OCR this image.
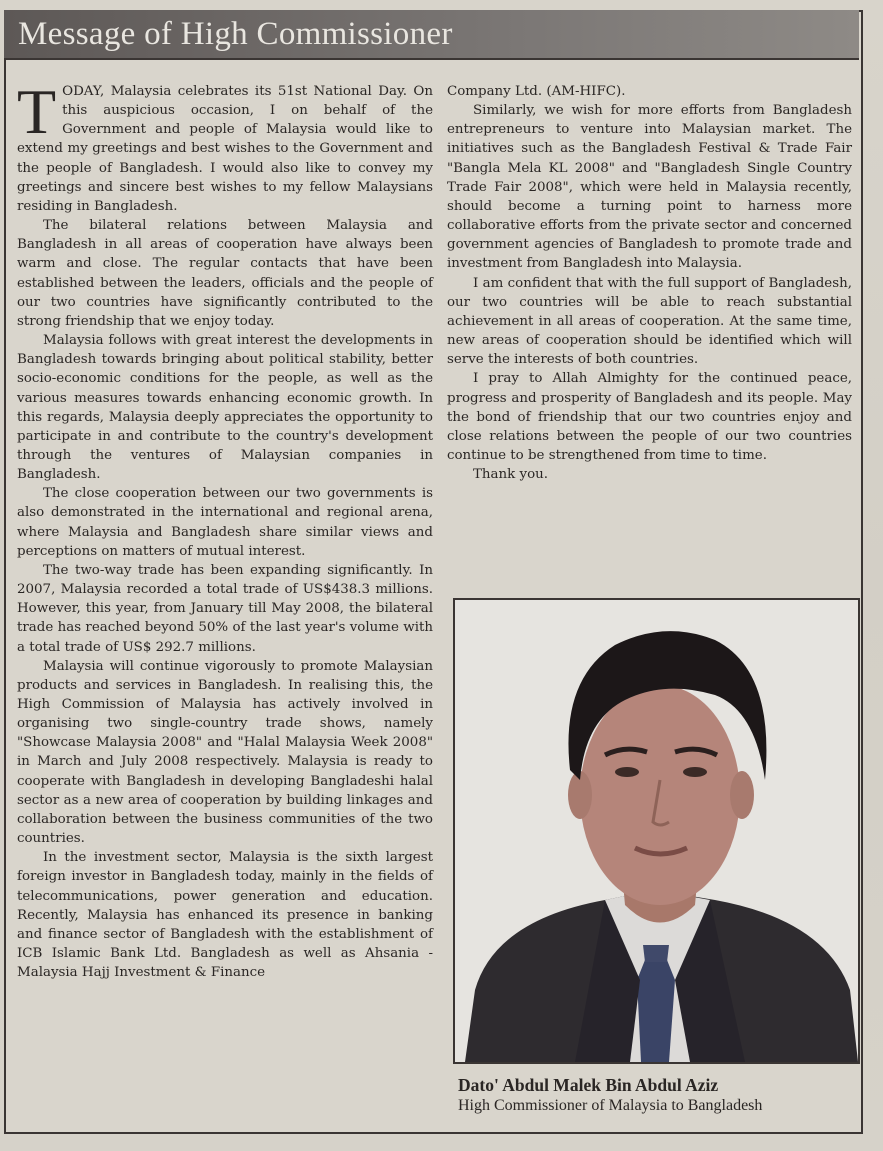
Message of High Commissioner

TODAY, Malaysia celebrates its 51st National Day. On this auspicious occasion, I on behalf of the Government and people of Malaysia would like to extend my greetings and best wishes to the Government and the people of Bangladesh. I would also like to convey my greetings and sincere best wishes to my fellow Malaysians residing in Bangladesh.

The bilateral relations between Malaysia and Bangladesh in all areas of cooperation have always been warm and close. The regular contacts that have been established between the leaders, officials and the people of our two countries have significantly contributed to the strong friendship that we enjoy today.

Malaysia follows with great interest the developments in Bangladesh towards bringing about political stability, better socio-economic conditions for the people, as well as the various measures towards enhancing economic growth. In this regards, Malaysia deeply appreciates the opportunity to participate in and contribute to the country's development through the ventures of Malaysian companies in Bangladesh.

The close cooperation between our two governments is also demonstrated in the international and regional arena, where Malaysia and Bangladesh share similar views and perceptions on matters of mutual interest.

The two-way trade has been expanding significantly. In 2007, Malaysia recorded a total trade of US$438.3 millions. However, this year, from January till May 2008, the bilateral trade has reached beyond 50% of the last year's volume with a total trade of US$ 292.7 millions.

Malaysia will continue vigorously to promote Malaysian products and services in Bangladesh. In realising this, the High Commission of Malaysia has actively involved in organising two single-country trade shows, namely "Showcase Malaysia 2008" and "Halal Malaysia Week 2008" in March and July 2008 respectively. Malaysia is ready to cooperate with Bangladesh in developing Bangladeshi halal sector as a new area of cooperation by building linkages and collaboration between the business communities of the two countries.

In the investment sector, Malaysia is the sixth largest foreign investor in Bangladesh today, mainly in the fields of telecommunications, power generation and education. Recently, Malaysia has enhanced its presence in banking and finance sector of Bangladesh with the establishment of ICB Islamic Bank Ltd. Bangladesh as well as Ahsania - Malaysia Hajj Investment & Finance

Company Ltd. (AM-HIFC).

Similarly, we wish for more efforts from Bangladesh entrepreneurs to venture into Malaysian market. The initiatives such as the Bangladesh Festival & Trade Fair "Bangla Mela KL 2008" and "Bangladesh Single Country Trade Fair 2008", which were held in Malaysia recently, should become a turning point to harness more collaborative efforts from the private sector and concerned government agencies of Bangladesh to promote trade and investment from Bangladesh into Malaysia.

I am confident that with the full support of Bangladesh, our two countries will be able to reach substantial achievement in all areas of cooperation. At the same time, new areas of cooperation should be identified which will serve the interests of both countries.

I pray to Allah Almighty for the continued peace, progress and prosperity of Bangladesh and its people. May the bond of friendship that our two countries enjoy and close relations between the people of our two countries continue to be strengthened from time to time.

Thank you.

Dato' Abdul Malek Bin Abdul Aziz
High Commissioner of Malaysia to Bangladesh
